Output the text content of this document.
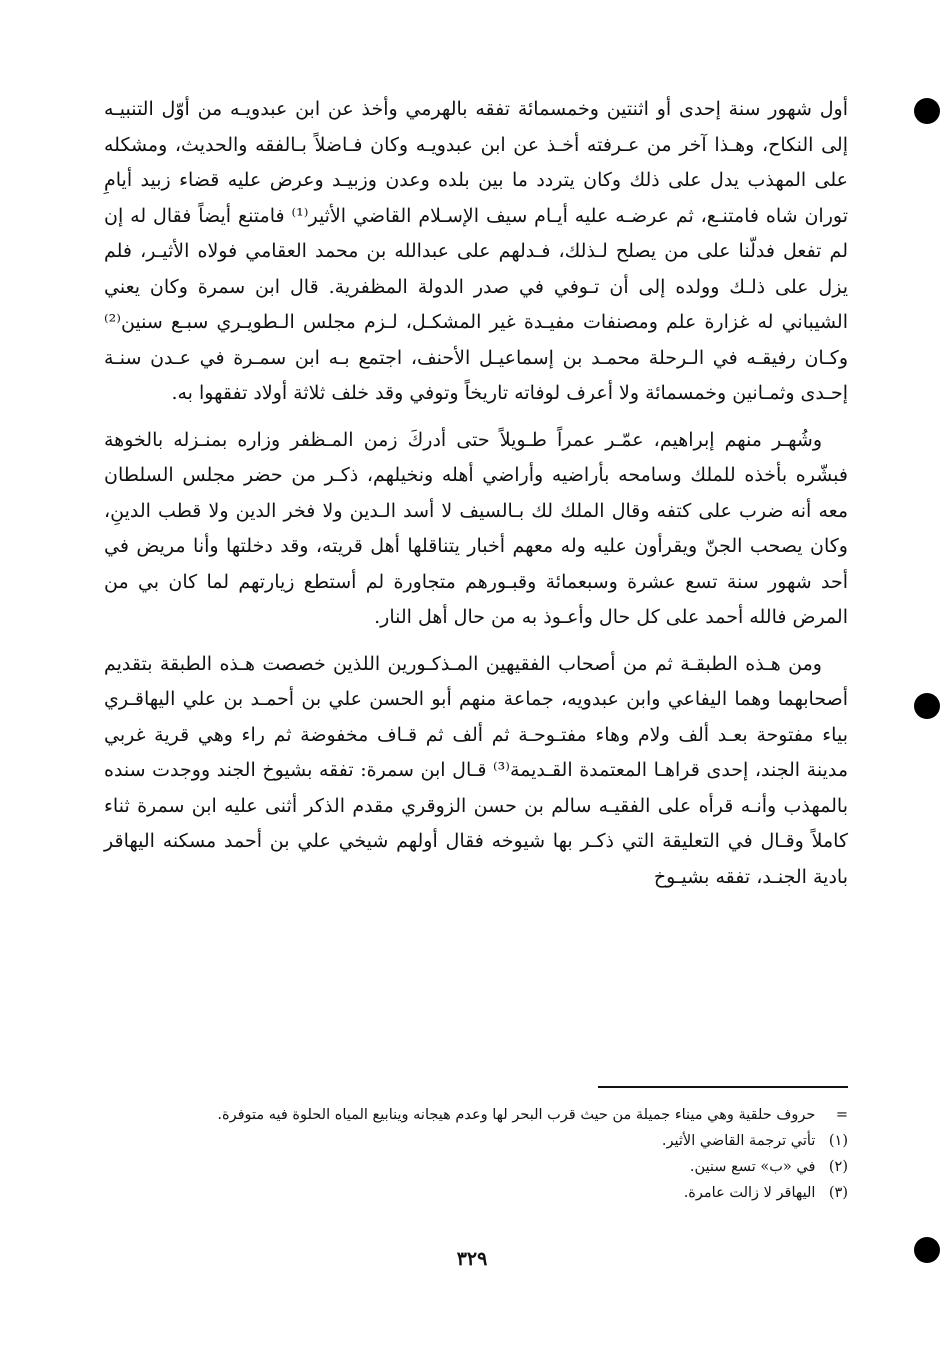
أول شهور سنة إحدى أو اثنتين وخمسمائة تفقه بالهرمي وأخذ عن ابن عبدويـه من أوّل التنبيـه إلى النكاح، وهـذا آخر من عـرفته أخـذ عن ابن عبدويـه وكان فـاضلاً بـالفقه والحديث، ومشكله على المهذب يدل على ذلك وكان يتردد ما بين بلده وعدن وزبيـد وعرض عليه قضاء زبيد أيامِ توران شاه فامتنـع، ثم عرضـه عليه أيـام سيف الإسـلام القاضي الأثير⁽¹⁾ فامتنع أيضاً فقال له إن لم تفعل فدلّنا على من يصلح لـذلك، فـدلهم على عبدالله بن محمد العقامي فولاه الأثيـر، فلم يزل على ذلـك وولده إلى أن تـوفي في صدر الدولة المظفرية. قال ابن سمرة وكان يعني الشيباني له غزارة علم ومصنفات مفيـدة غير المشكـل، لـزم مجلس الـطويـري سبـع سنين⁽²⁾ وكـان رفيقـه في الـرحلة محمـد بن إسماعيـل الأحنف، اجتمع بـه ابن سمـرة في عـدن سنـة إحـدى وثمـانين وخمسمائة ولا أعرف لوفاته تاريخاً وتوفي وقد خلف ثلاثة أولاد تفقهوا به.

وشُهـر منهم إبراهيم، عمّـر عمراً طـويلاً حتى أدركَ زمن المـظفر وزاره بمنـزله بالخوهة فبشّره بأخذه للملك وسامحه بأراضيه وأراضي أهله ونخيلهم، ذكـر من حضر مجلس السلطان معه أنه ضرب على كتفه وقال الملك لك بـالسيف لا أسد الـدين ولا فخر الدين ولا قطب الدينِ، وكان يصحب الجنّ ويقرأون عليه وله معهم أخبار يتناقلها أهل قريته، وقد دخلتها وأنا مريض في أحد شهور سنة تسع عشرة وسبعمائة وقبـورهم متجاورة لم أستطع زيارتهم لما كان بي من المرض فالله أحمد على كل حال وأعـوذ به من حال أهل النار.

ومن هـذه الطبقـة ثم من أصحاب الفقيهين المـذكـورين اللذين خصصت هـذه الطبقة بتقديم أصحابهما وهما اليفاعي وابن عبدويه، جماعة منهم أبو الحسن علي بن أحمـد بن علي اليهاقـري بياء مفتوحة بعـد ألف ولام وهاء مفتـوحـة ثم ألف ثم قـاف مخفوضة ثم راء وهي قرية غربي مدينة الجند، إحدى قراهـا المعتمدة القـديمة⁽³⁾ قـال ابن سمرة: تفقه بشيوخ الجند ووجدت سنده بالمهذب وأنـه قرأه على الفقيـه سالم بن حسن الزوقري مقدم الذكر أثنى عليه ابن سمرة ثناء كاملاً وقـال في التعليقة التي ذكـر بها شيوخه فقال أولهم شيخي علي بن أحمد مسكنه اليهاقر بادية الجنـد، تفقه بشيـوخ

= حروف حلقية وهي ميناء جميلة من حيث قرب البحر لها وعدم هيجانه وينابيع المياه الحلوة فيه متوفرة.
(١) تأتي ترجمة القاضي الأثير.
(٢) في «ب» تسع سنين.
(٣) اليهاقر لا زالت عامرة.
٣٢٩
